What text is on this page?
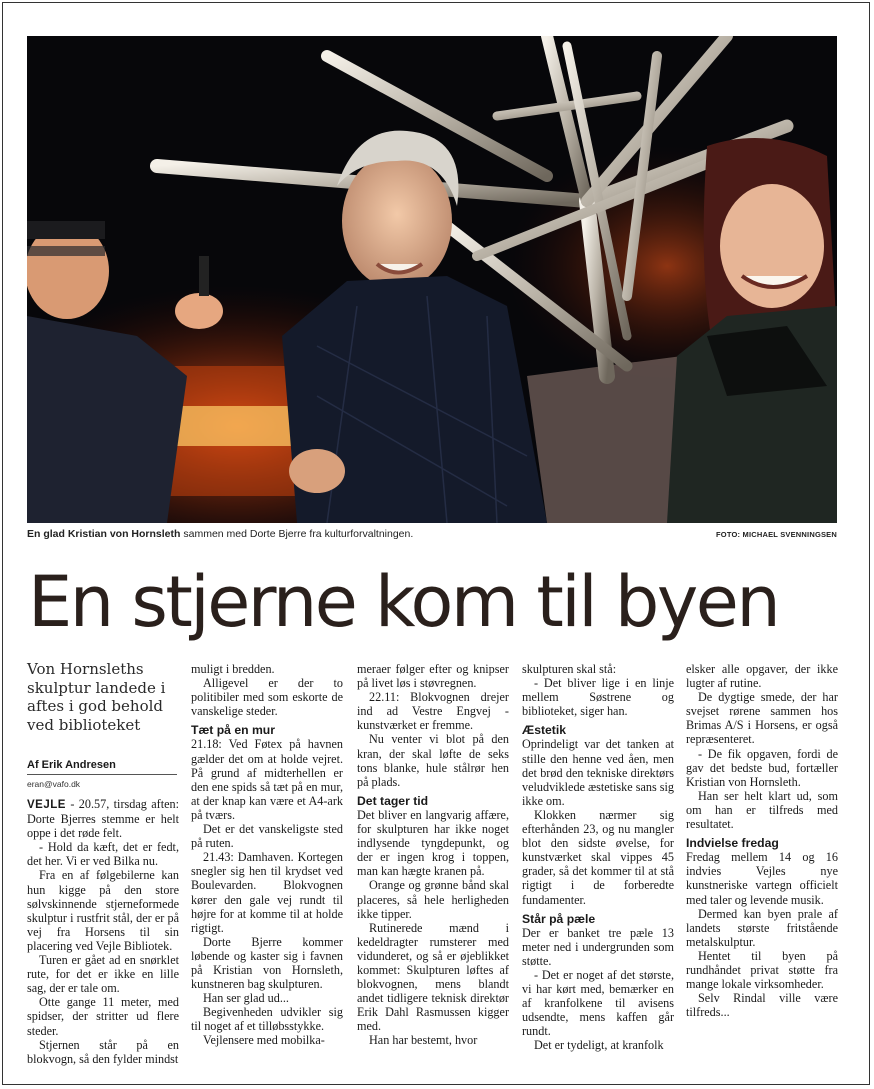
En glad Kristian von Hornsleth sammen med Dorte Bjerre fra kulturforvaltningen.	FOTO: MICHAEL SVENNINGSEN
En stjerne kom til byen
Von Hornsleths skulptur landede i aftes i god behold ved biblioteket
Af Erik Andresen
eran@vafo.dk

VEJLE - 20.57, tirsdag aften: Dorte Bjerres stemme er helt oppe i det røde felt.

- Hold da kæft, det er fedt, det her. Vi er ved Bilka nu.

Fra en af følgebilerne kan hun kigge på den store sølvskinnende stjerneformede skulptur i rustfrit stål, der er på vej fra Horsens til sin placering ved Vejle Bibliotek.

Turen er gået ad en snørklet rute, for det er ikke en lille sag, der er tale om.

Otte gange 11 meter, med spidser, der stritter ud flere steder.

Stjernen står på en blokvogn, så den fylder mindst

muligt i bredden.

Alligevel er der to politibiler med som eskorte de vanskelige steder.

Tæt på en mur

21.18: Ved Føtex på havnen gælder det om at holde vejret. På grund af midterhellen er den ene spids så tæt på en mur, at der knap kan være et A4-ark på tværs.

Det er det vanskeligste sted på ruten.

21.43: Damhaven. Kortegen snegler sig hen til krydset ved Boulevarden. Blokvognen kører den gale vej rundt til højre for at komme til at holde rigtigt.

Dorte Bjerre kommer løbende og kaster sig i favnen på Kristian von Hornsleth, kunstneren bag skulpturen.

Han ser glad ud...

Begivenheden udvikler sig til noget af et tilløbsstykke.

Vejlensere med mobilka-

meraer følger efter og knipser på livet løs i støvregnen.

22.11: Blokvognen drejer ind ad Vestre Engvej - kunstværket er fremme.

Nu venter vi blot på den kran, der skal løfte de seks tons blanke, hule stålrør hen på plads.

Det tager tid

Det bliver en langvarig affære, for skulpturen har ikke noget indlysende tyngdepunkt, og der er ingen krog i toppen, man kan hægte kranen på.

Orange og grønne bånd skal placeres, så hele herligheden ikke tipper.

Rutinerede mænd i kedeldragter rumsterer med vidunderet, og så er øjeblikket kommet: Skulpturen løftes af blokvognen, mens blandt andet tidligere teknisk direktør Erik Dahl Rasmussen kigger med.

Han har bestemt, hvor

skulpturen skal stå:

- Det bliver lige i en linje mellem Søstrene og biblioteket, siger han.

Æstetik

Oprindeligt var det tanken at stille den henne ved åen, men det brød den tekniske direktørs veludviklede æstetiske sans sig ikke om.

Klokken nærmer sig efterhånden 23, og nu mangler blot den sidste øvelse, for kunstværket skal vippes 45 grader, så det kommer til at stå rigtigt i de forberedte fundamenter.

Står på pæle

Der er banket tre pæle 13 meter ned i undergrunden som støtte.

- Det er noget af det største, vi har kørt med, bemærker en af kranfolkene til avisens udsendte, mens kaffen går rundt.

Det er tydeligt, at kranfolk

elsker alle opgaver, der ikke lugter af rutine.

De dygtige smede, der har svejset rørene sammen hos Brimas A/S i Horsens, er også repræsenteret.

- De fik opgaven, fordi de gav det bedste bud, fortæller Kristian von Hornsleth.

Han ser helt klart ud, som om han er tilfreds med resultatet.

Indvielse fredag

Fredag mellem 14 og 16 indvies Vejles nye kunstneriske vartegn officielt med taler og levende musik.

Dermed kan byen prale af landets største fritstående metalskulptur.

Hentet til byen på rundhåndet privat støtte fra mange lokale virksomheder.

Selv Rindal ville være tilfreds...
